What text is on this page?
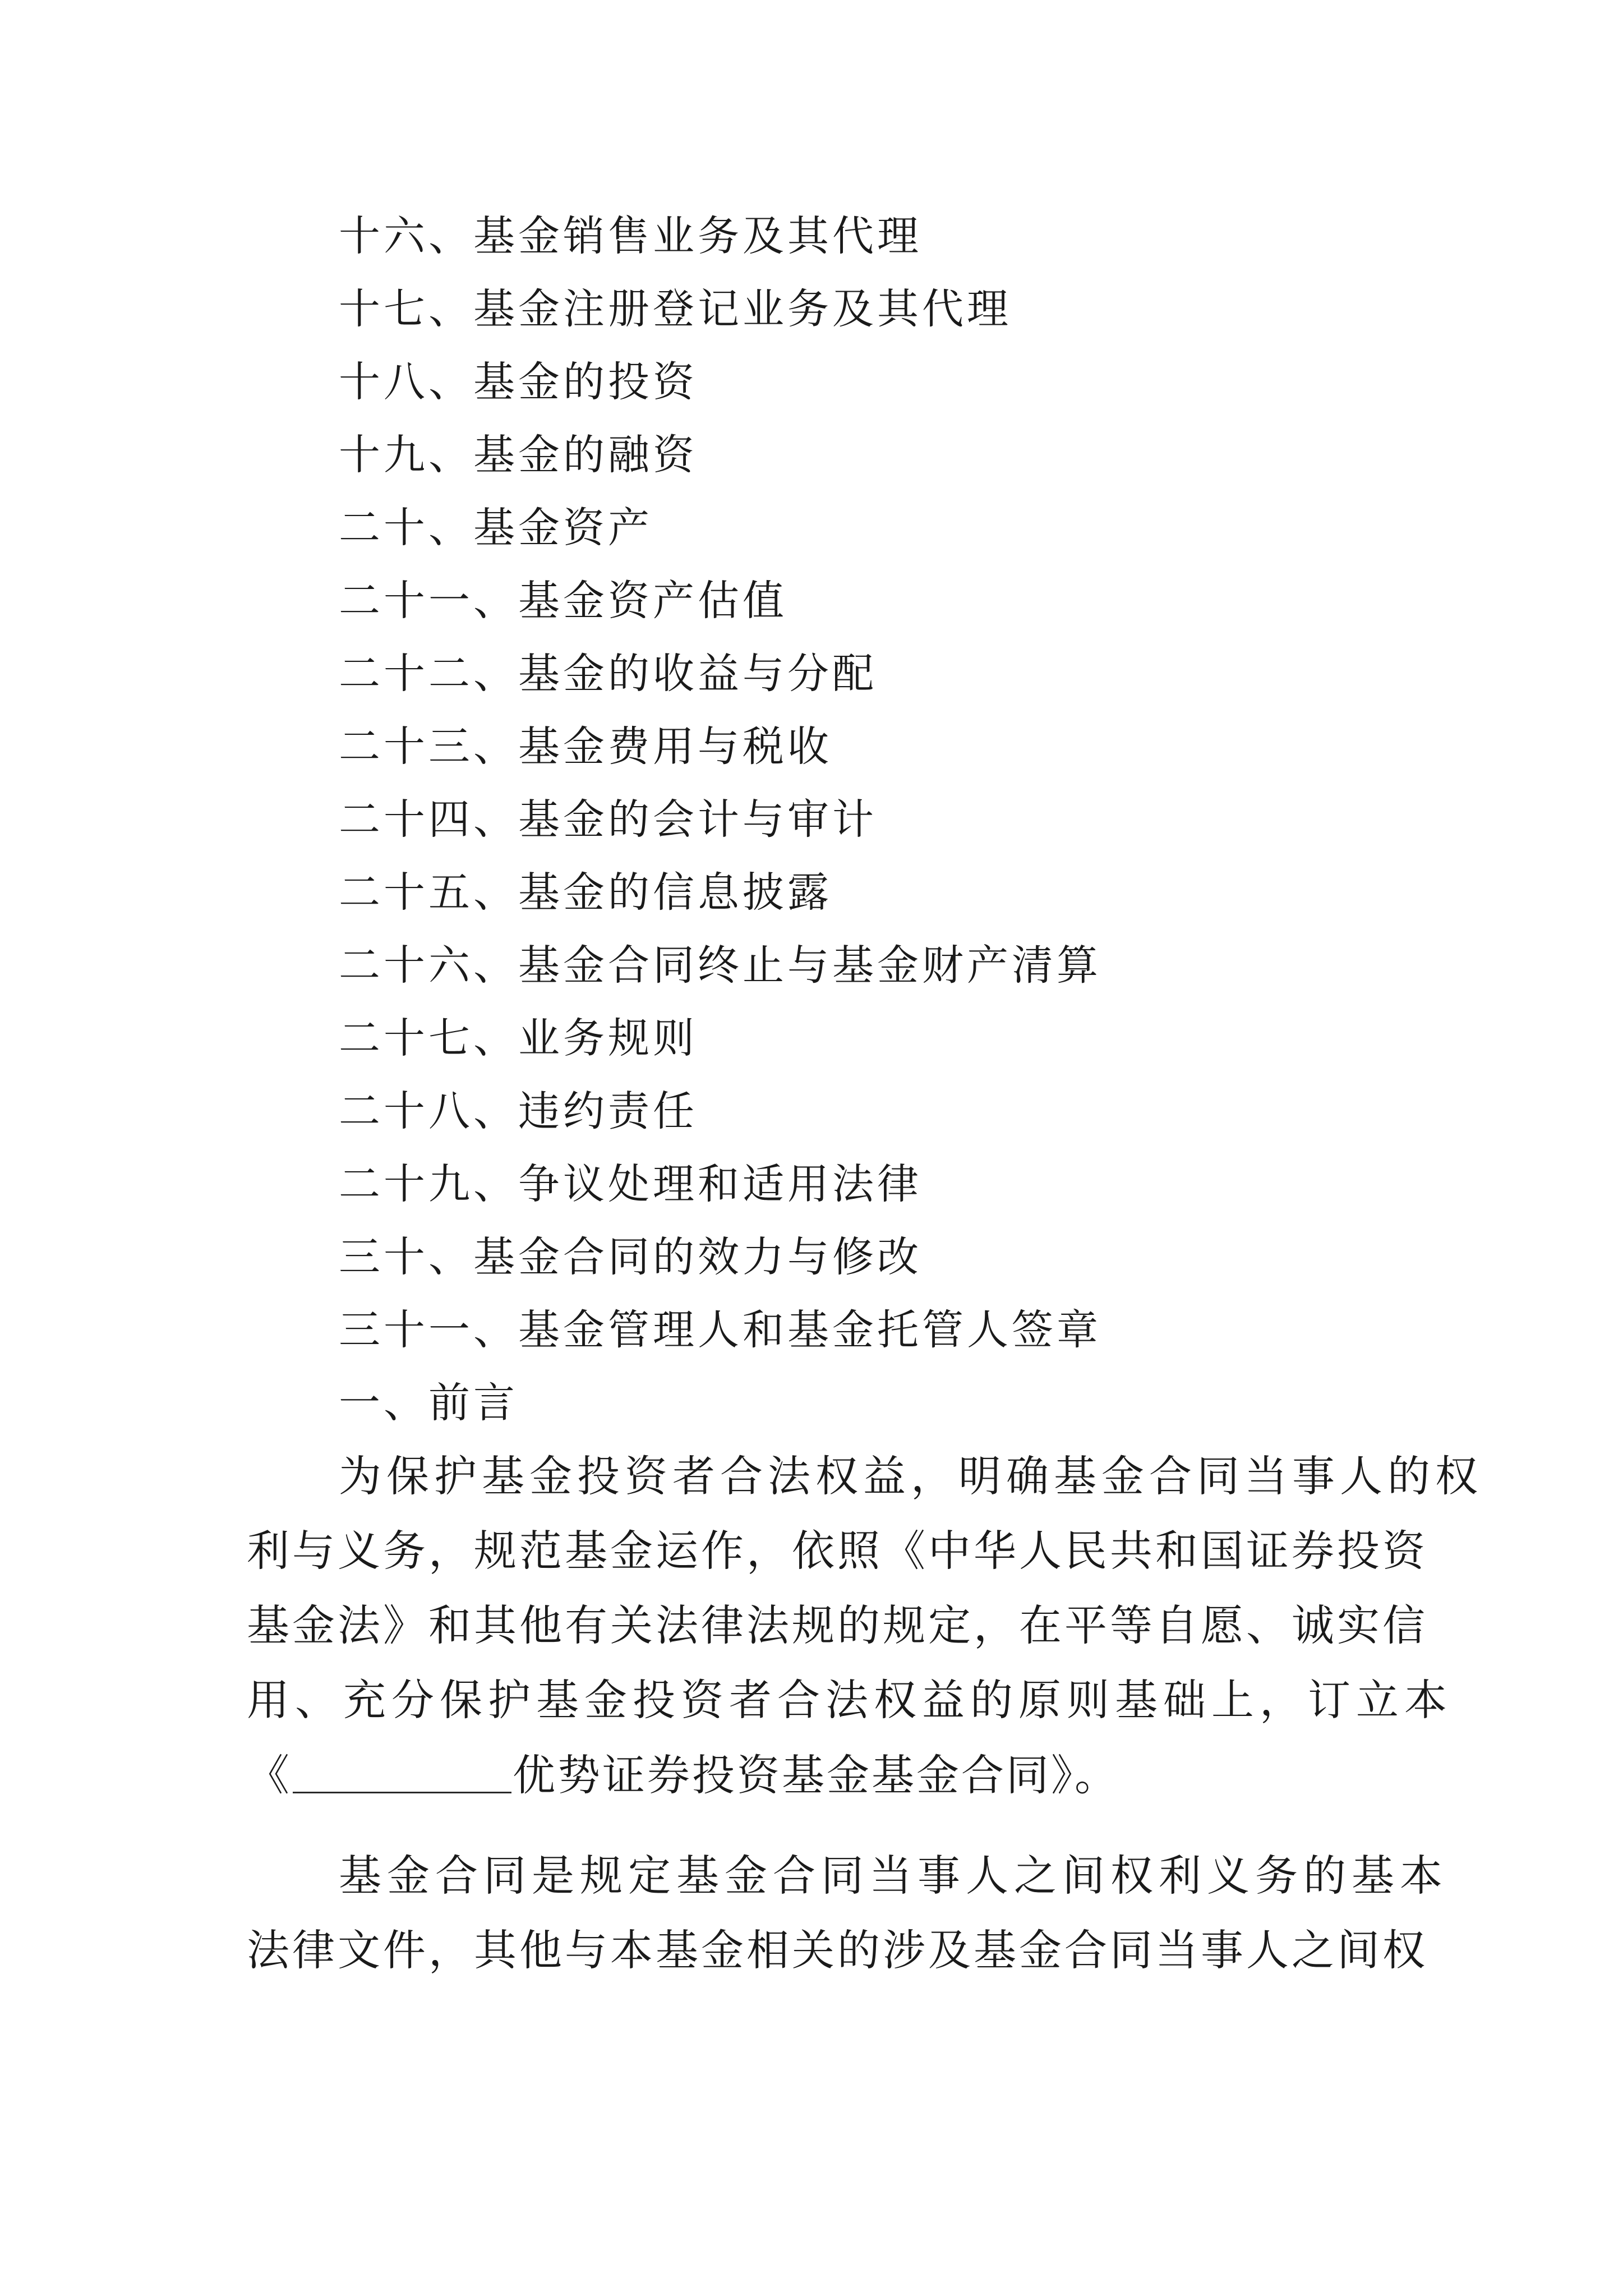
十六、基金销售业务及其代理
十七、基金注册登记业务及其代理
十八、基金的投资
十九、基金的融资
二十、基金资产
二十一、基金资产估值
二十二、基金的收益与分配
二十三、基金费用与税收
二十四、基金的会计与审计
二十五、基金的信息披露
二十六、基金合同终止与基金财产清算
二十七、业务规则
二十八、违约责任
二十九、争议处理和适用法律
三十、基金合同的效力与修改
三十一、基金管理人和基金托管人签章
一、前言
为保护基金投资者合法权益，明确基金合同当事人的权
利与义务，规范基金运作，依照《中华人民共和国证券投资
基金法》和其他有关法律法规的规定，在平等自愿、诚实信
用、充分保护基金投资者合法权益的原则基础上，订立本
《	优势证券投资基金基金合同》。
基金合同是规定基金合同当事人之间权利义务的基本
法律文件，其他与本基金相关的涉及基金合同当事人之间权
